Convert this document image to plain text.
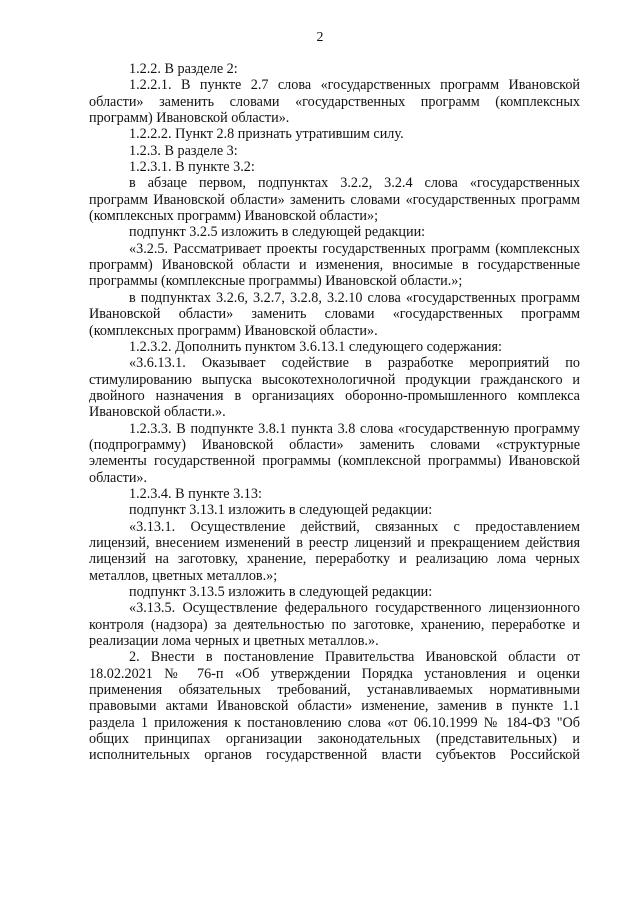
2

1.2.2. В разделе 2:

1.2.2.1. В пункте 2.7 слова «государственных программ Ивановской области» заменить словами «государственных программ (комплексных программ) Ивановской области».

1.2.2.2. Пункт 2.8 признать утратившим силу.

1.2.3. В разделе 3:

1.2.3.1. В пункте 3.2:

в абзаце первом, подпунктах 3.2.2, 3.2.4 слова «государственных программ Ивановской области» заменить словами «государственных программ (комплексных программ) Ивановской области»;

подпункт 3.2.5 изложить в следующей редакции:

«3.2.5. Рассматривает проекты государственных программ (комплексных программ) Ивановской области и изменения, вносимые в государственные программы (комплексные программы) Ивановской области.»;

в подпунктах 3.2.6, 3.2.7, 3.2.8, 3.2.10 слова «государственных программ Ивановской области» заменить словами «государственных программ (комплексных программ) Ивановской области».

1.2.3.2. Дополнить пунктом 3.6.13.1 следующего содержания:

«3.6.13.1. Оказывает содействие в разработке мероприятий по стимулированию выпуска высокотехнологичной продукции гражданского и двойного назначения в организациях оборонно-промышленного комплекса Ивановской области.».

1.2.3.3. В подпункте 3.8.1 пункта 3.8 слова «государственную программу (подпрограмму) Ивановской области» заменить словами «структурные элементы государственной программы (комплексной программы) Ивановской области».

1.2.3.4. В пункте 3.13:

подпункт 3.13.1 изложить в следующей редакции:

«3.13.1. Осуществление действий, связанных с предоставлением лицензий, внесением изменений в реестр лицензий и прекращением действия лицензий на заготовку, хранение, переработку и реализацию лома черных металлов, цветных металлов.»;

подпункт 3.13.5 изложить в следующей редакции:

«3.13.5. Осуществление федерального государственного лицензионного контроля (надзора) за деятельностью по заготовке, хранению, переработке и реализации лома черных и цветных металлов.».

2. Внести в постановление Правительства Ивановской области от 18.02.2021 № 76-п «Об утверждении Порядка установления и оценки применения обязательных требований, устанавливаемых нормативными правовыми актами Ивановской области» изменение, заменив в пункте 1.1 раздела 1 приложения к постановлению слова «от 06.10.1999 № 184-ФЗ "Об общих принципах организации законодательных (представительных) и исполнительных органов государственной власти субъектов Российской
